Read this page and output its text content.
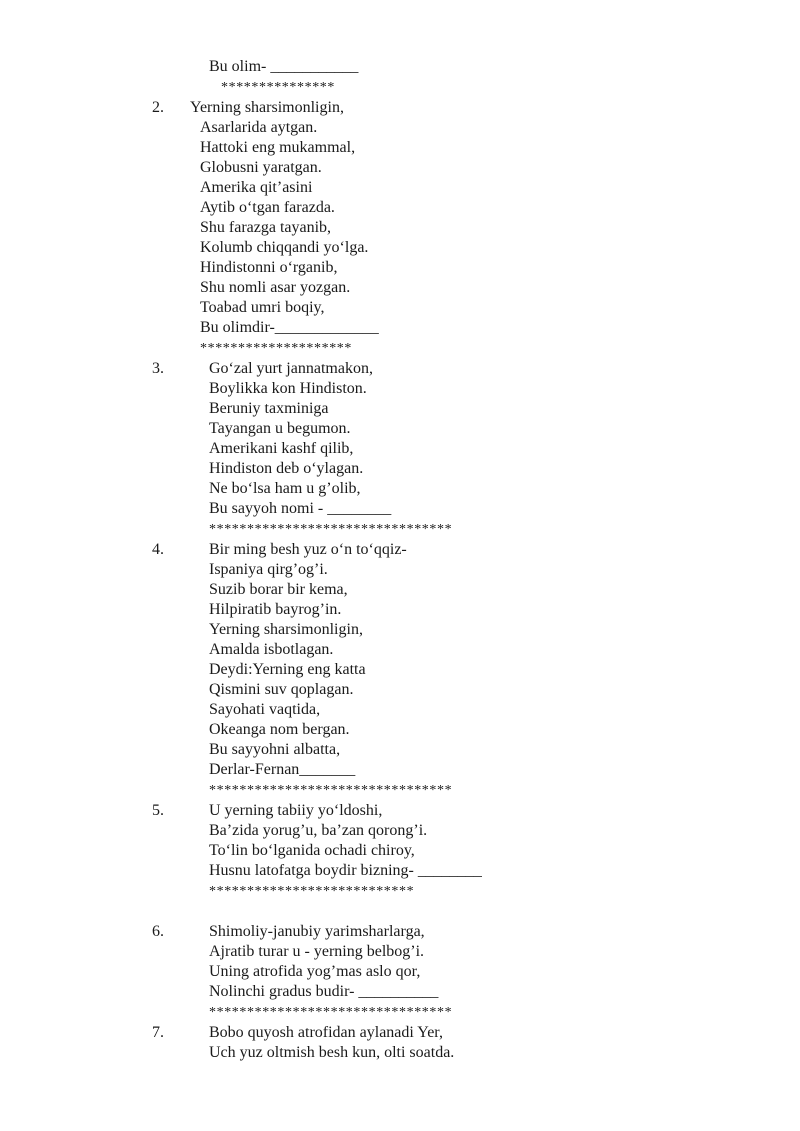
Bu olim- ___________
***************
2. Yerning sharsimonligin,
Asarlarida aytgan.
Hattoki eng mukammal,
Globusni yaratgan.
Amerika qit’asini
Aytib o‘tgan farazda.
Shu farazga tayanib,
Kolumb chiqqandi yo‘lga.
Hindistonni o‘rganib,
Shu nomli asar yozgan.
Toabad umri boqiy,
Bu olimdir-_____________
********************
3.	Go‘zal yurt jannatmakon,
Boylikka kon Hindiston.
Beruniy taxminiga
Tayangan u begumon.
Amerikani kashf qilib,
Hindiston deb o‘ylagan.
Ne bo‘lsa ham u g’olib,
Bu sayyoh nomi - ________
********************************
4.	Bir ming besh yuz o‘n to‘qqiz-
Ispaniya qirg’og’i.
Suzib borar bir kema,
Hilpiratib bayrog’in.
Yerning sharsimonligin,
Amalda isbotlagan.
Deydi:Yerning eng katta
Qismini suv qoplagan.
Sayohati vaqtida,
Okeanga nom bergan.
Bu sayyohni albatta,
Derlar-Fernan_______
********************************
5.	U yerning tabiiy yo‘ldoshi,
Ba’zida yorug’u, ba’zan qorong’i.
To‘lin bo‘lganida ochadi chiroy,
Husnu latofatga boydir bizning- ________
***************************
6.	Shimoliy-janubiy yarimsharlarga,
Ajratib turar u - yerning belbog’i.
Uning atrofida yog’mas aslo qor,
Nolinchi gradus budir- __________
********************************
7.	Bobo quyosh atrofidan aylanadi Yer,
Uch yuz oltmish besh kun, olti soatda.
